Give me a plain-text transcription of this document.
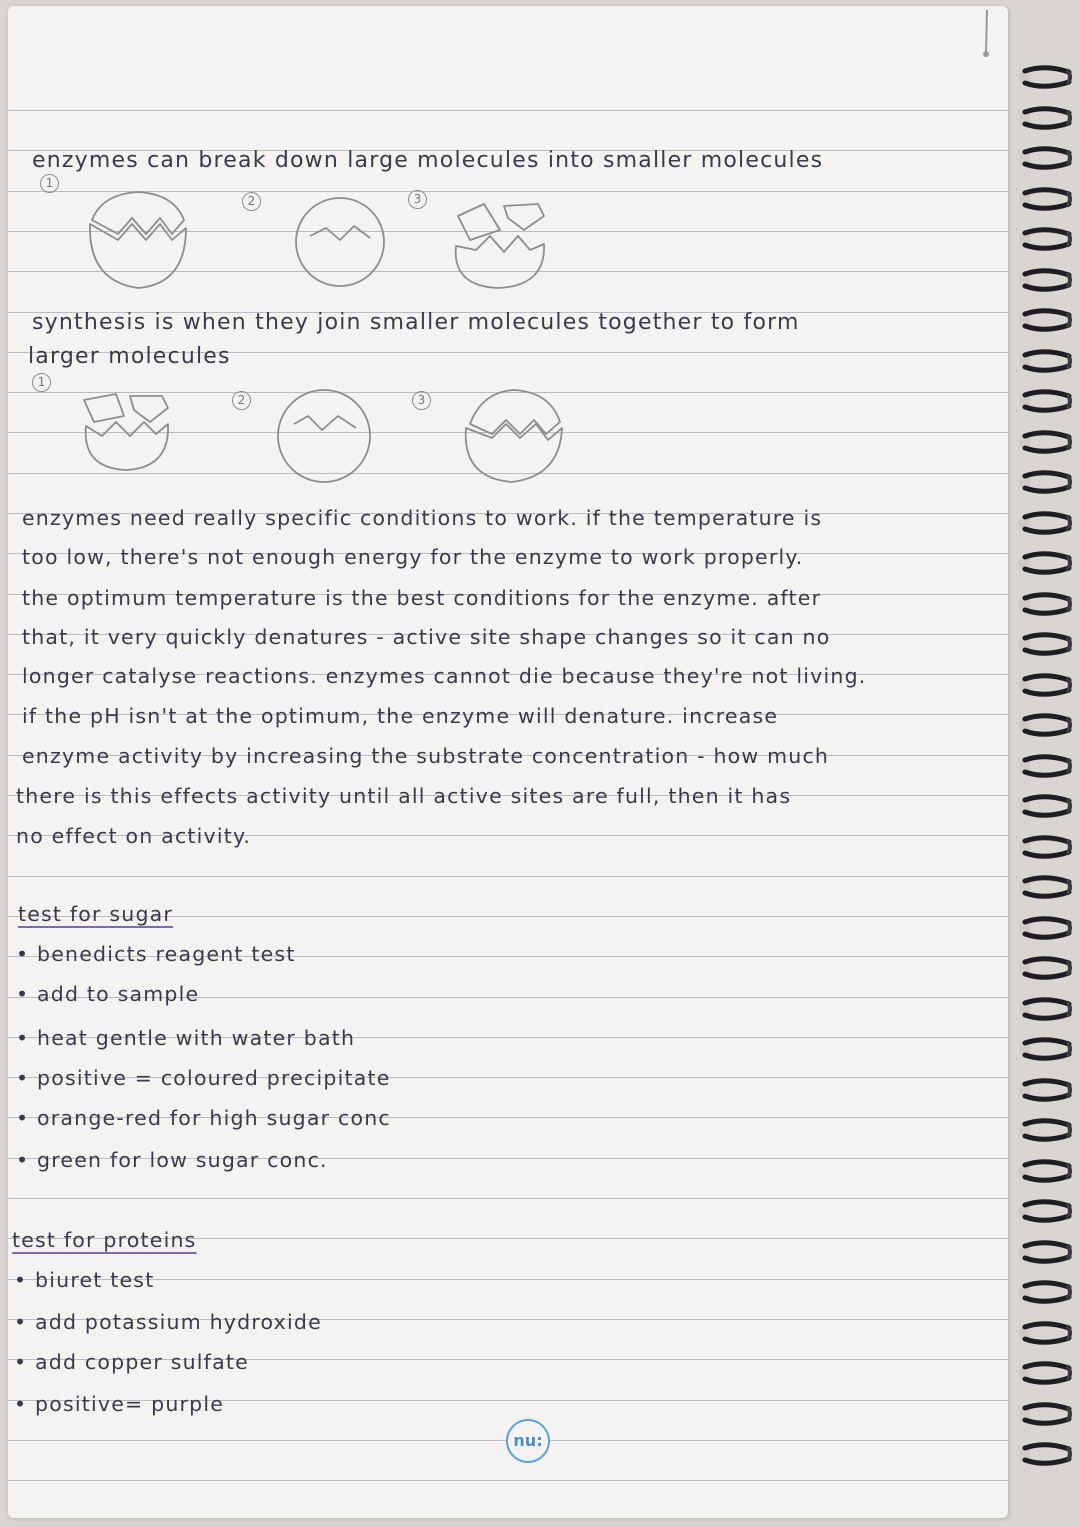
enzymes can break down large molecules into smaller molecules
1
2	3
synthesis is when they join smaller molecules together to form
larger molecules
1
2	3
enzymes need really specific conditions to work. if the temperature is
too low, there's not enough energy for the enzyme to work properly.
the optimum temperature is the best conditions for the enzyme. after
that, it very quickly denatures - active site shape changes so it can no
longer catalyse reactions. enzymes cannot die because they're not living.
if the pH isn't at the optimum, the enzyme will denature. increase
enzyme activity by increasing the substrate concentration - how much
there is this effects activity until all active sites are full, then it has
no effect on activity.
test for sugar
• benedicts reagent test
• add to sample
• heat gentle with water bath
• positive = coloured precipitate
• orange-red for high sugar conc
• green for low sugar conc.
test for proteins
• biuret test
• add potassium hydroxide
• add copper sulfate
• positive= purple
nu:
